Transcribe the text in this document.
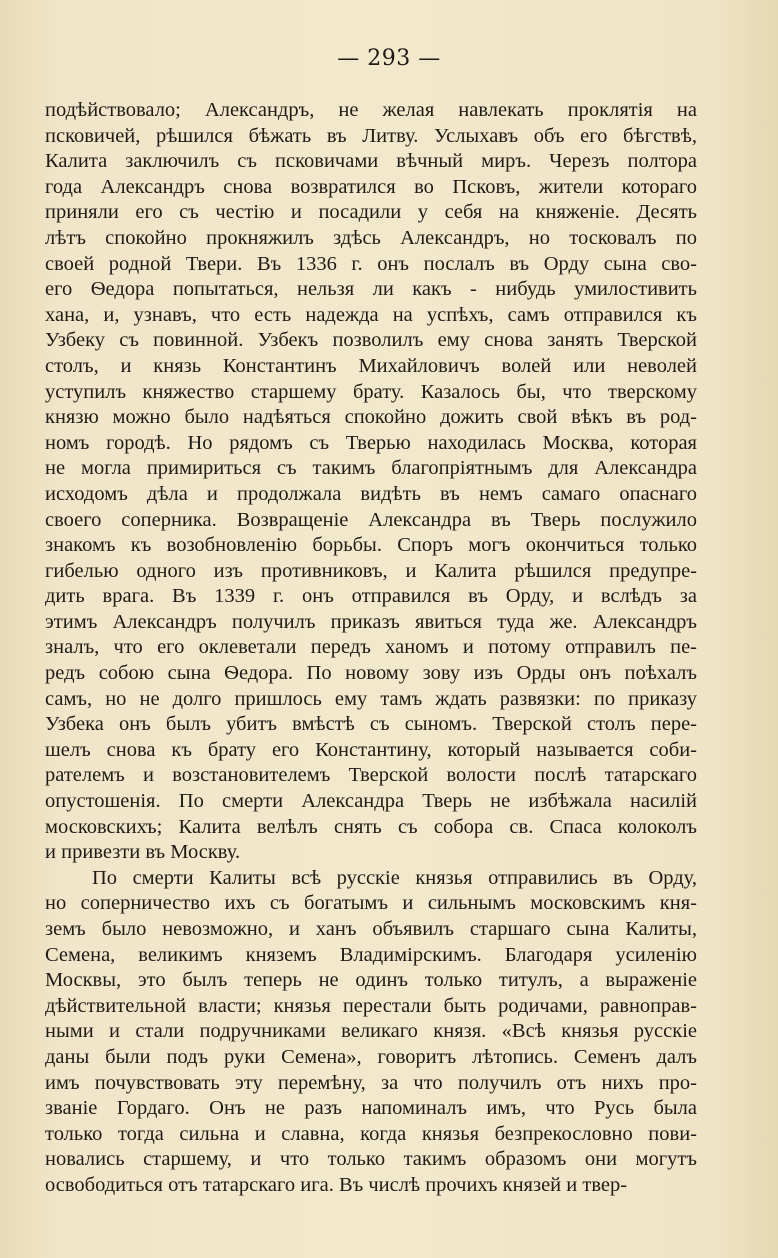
— 293 —
подѣйствовало; Александръ, не желая навлекать проклятія на
псковичей, рѣшился бѣжать въ Литву. Услыхавъ объ его бѣгствѣ,
Калита заключилъ съ псковичами вѣчный миръ. Черезъ полтора
года Александръ снова возвратился во Псковъ, жители котораго
приняли его съ честію и посадили у себя на княженіе. Десять
лѣтъ спокойно прокняжилъ здѣсь Александръ, но тосковалъ по
своей родной Твери. Въ 1336 г. онъ послалъ въ Орду сына сво-
его Ѳедора попытаться, нельзя ли какъ - нибудь умилостивить
хана, и, узнавъ, что есть надежда на успѣхъ, самъ отправился къ
Узбеку съ повинной. Узбекъ позволилъ ему снова занять Тверской
столъ, и князь Константинъ Михайловичъ волей или неволей
уступилъ княжество старшему брату. Казалось бы, что тверскому
князю можно было надѣяться спокойно дожить свой вѣкъ въ род-
номъ городѣ. Но рядомъ съ Тверью находилась Москва, которая
не могла примириться съ такимъ благопріятнымъ для Александра
исходомъ дѣла и продолжала видѣть въ немъ самаго опаснаго
своего соперника. Возвращеніе Александра въ Тверь послужило
знакомъ къ возобновленію борьбы. Споръ могъ окончиться только
гибелью одного изъ противниковъ, и Калита рѣшился предупре-
дить врага. Въ 1339 г. онъ отправился въ Орду, и вслѣдъ за
этимъ Александръ получилъ приказъ явиться туда же. Александръ
зналъ, что его оклеветали передъ ханомъ и потому отправилъ пе-
редъ собою сына Ѳедора. По новому зову изъ Орды онъ поѣхалъ
самъ, но не долго пришлось ему тамъ ждать развязки: по приказу
Узбека онъ былъ убитъ вмѣстѣ съ сыномъ. Тверской столъ пере-
шелъ снова къ брату его Константину, который называется соби-
рателемъ и возстановителемъ Тверской волости послѣ татарскаго
опустошенія. По смерти Александра Тверь не избѣжала насилій
московскихъ; Калита велѣлъ снять съ собора св. Спаса колоколъ
и привезти въ Москву.
По смерти Калиты всѣ русскіе князья отправились въ Орду,
но соперничество ихъ съ богатымъ и сильнымъ московскимъ кня-
земъ было невозможно, и ханъ объявилъ старшаго сына Калиты,
Семена, великимъ княземъ Владимірскимъ. Благодаря усиленію
Москвы, это былъ теперь не одинъ только титулъ, а выраженіе
дѣйствительной власти; князья перестали быть родичами, равноправ-
ными и стали подручниками великаго князя. «Всѣ князья русскіе
даны были подъ руки Семена», говоритъ лѣтопись. Семенъ далъ
имъ почувствовать эту перемѣну, за что получилъ отъ нихъ про-
званіе Гордаго. Онъ не разъ напоминалъ имъ, что Русь была
только тогда сильна и славна, когда князья безпрекословно пови-
новались старшему, и что только такимъ образомъ они могутъ
освободиться отъ татарскаго ига. Въ числѣ прочихъ князей и твер-
